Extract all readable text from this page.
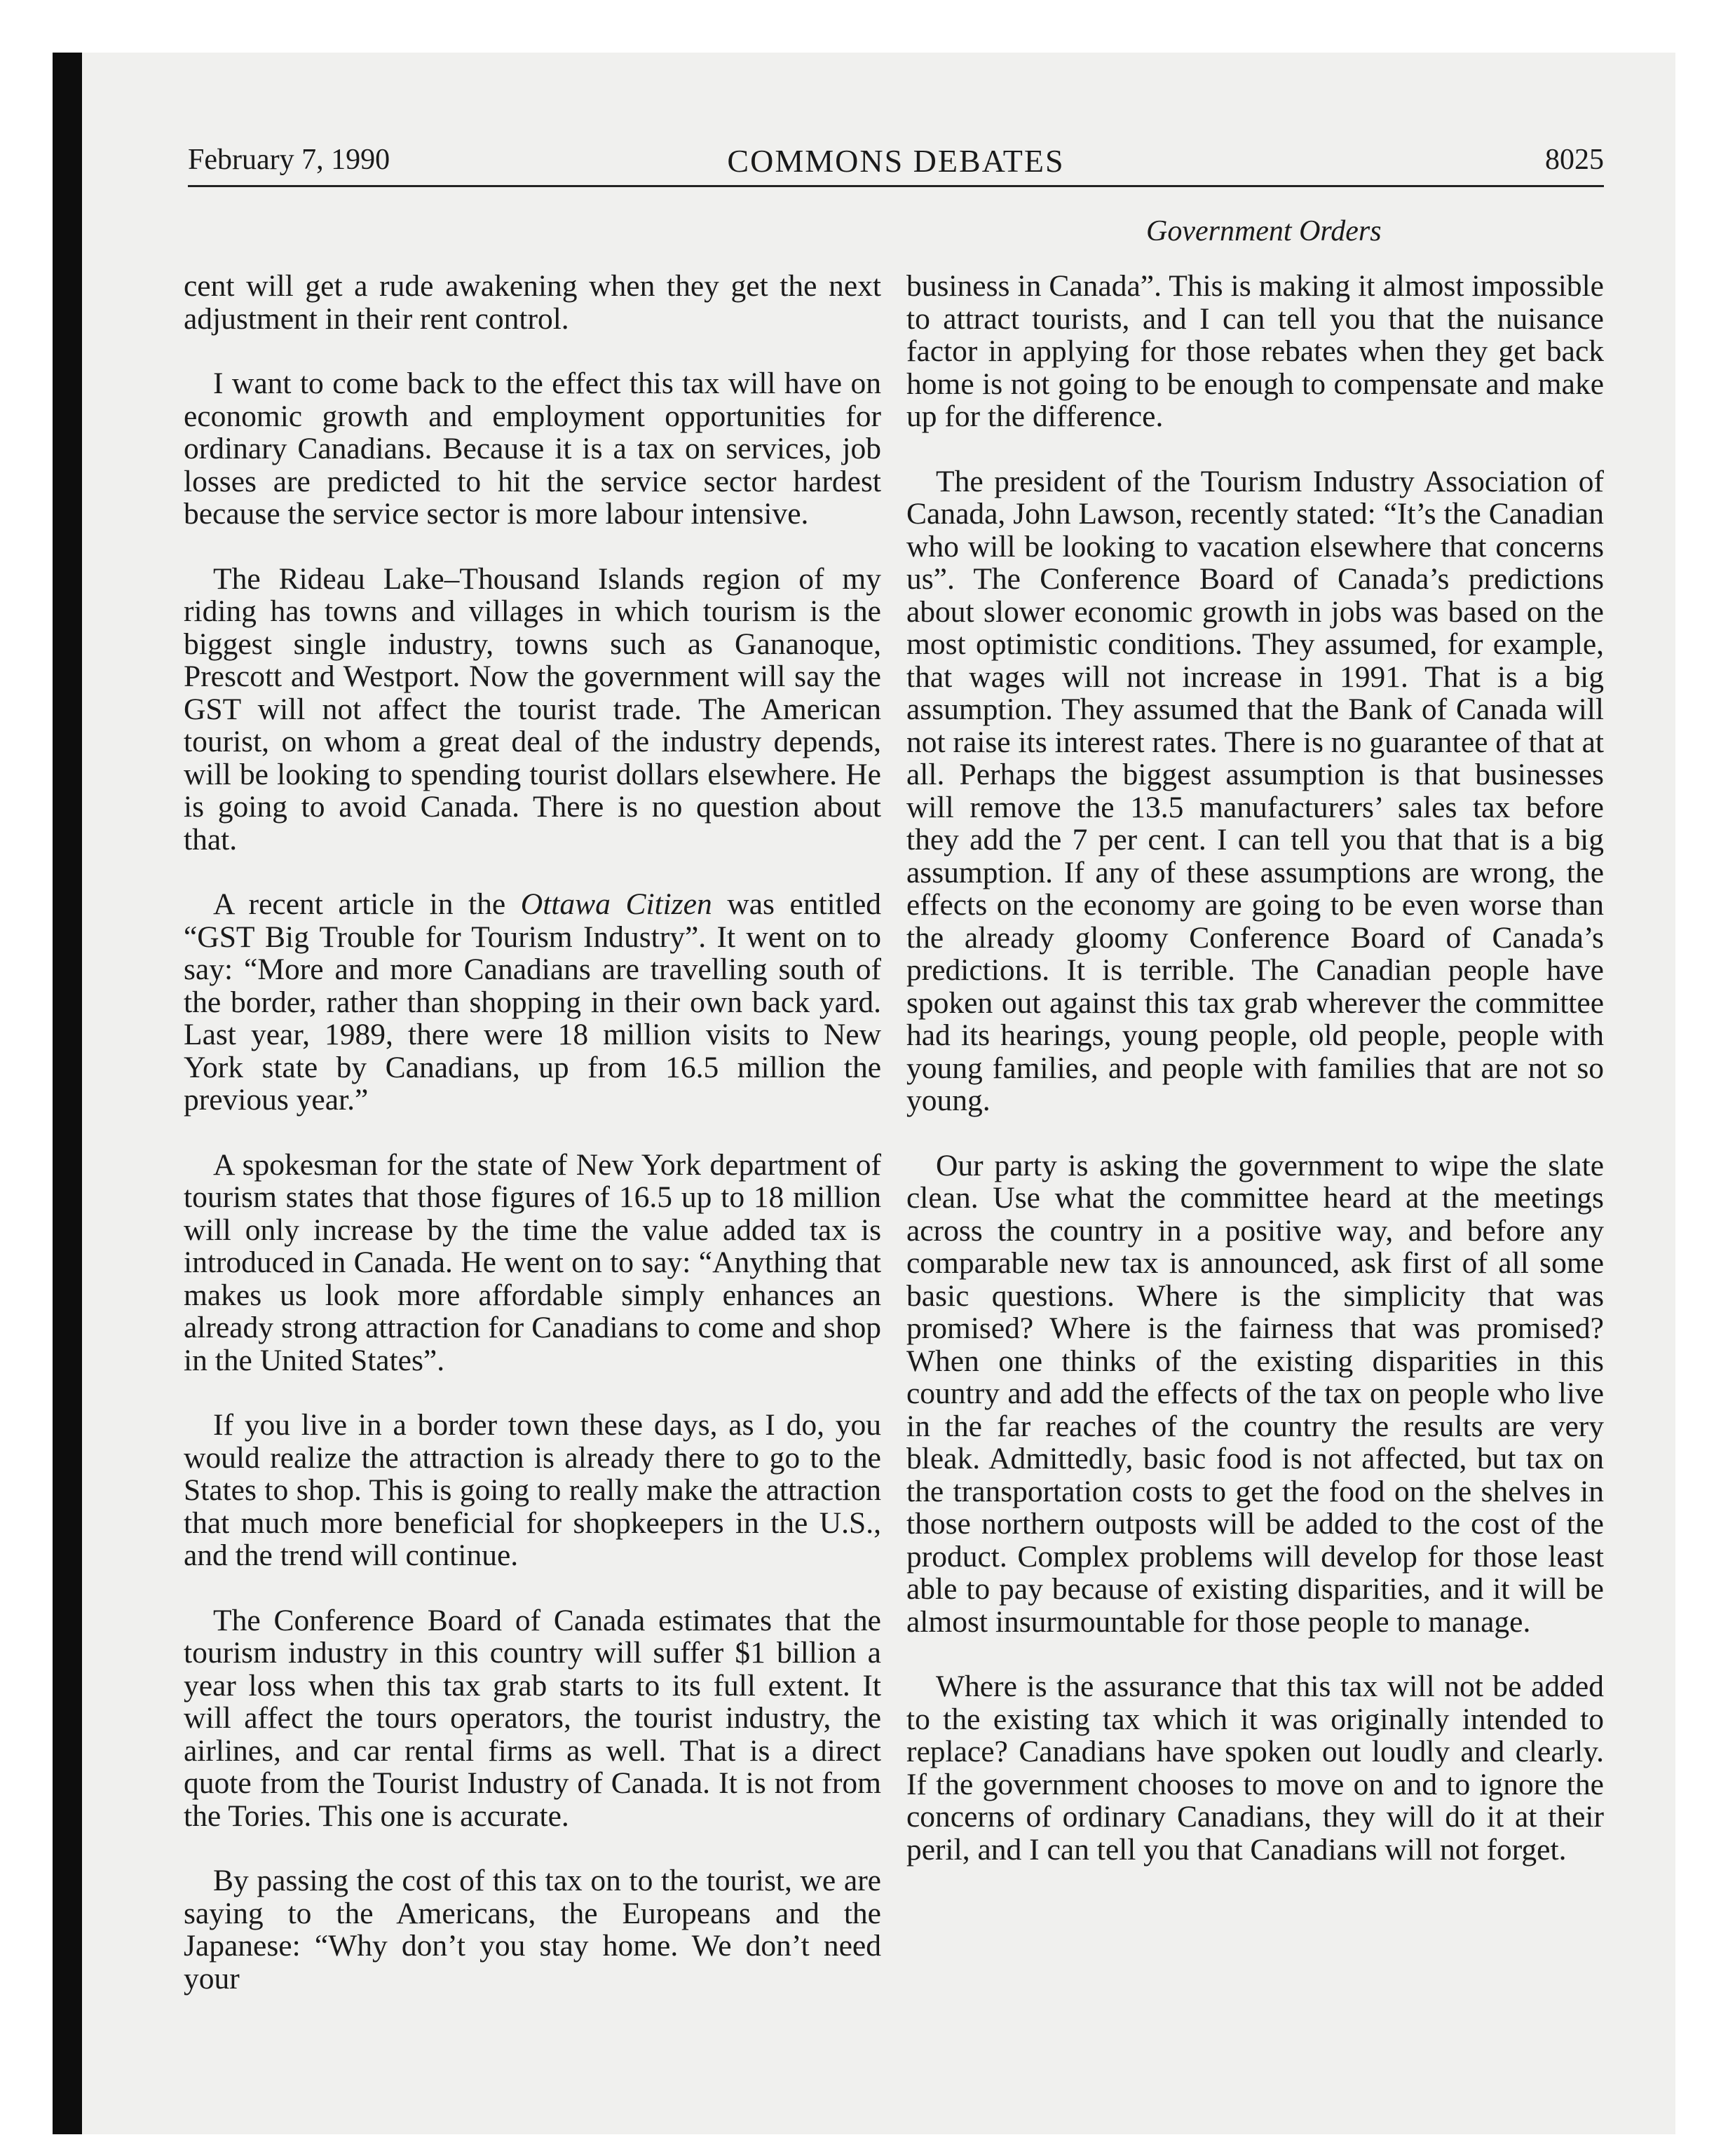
February 7, 1990	COMMONS DEBATES	8025
Government Orders

cent will get a rude awakening when they get the next adjustment in their rent control.

I want to come back to the effect this tax will have on economic growth and employment opportunities for ordinary Canadians. Because it is a tax on services, job losses are predicted to hit the service sector hardest because the service sector is more labour intensive.

The Rideau Lake–Thousand Islands region of my riding has towns and villages in which tourism is the biggest single industry, towns such as Gananoque, Prescott and Westport. Now the government will say the GST will not affect the tourist trade. The American tourist, on whom a great deal of the industry depends, will be looking to spending tourist dollars elsewhere. He is going to avoid Canada. There is no question about that.

A recent article in the Ottawa Citizen was entitled “GST Big Trouble for Tourism Industry”. It went on to say: “More and more Canadians are travelling south of the border, rather than shopping in their own back yard. Last year, 1989, there were 18 million visits to New York state by Canadians, up from 16.5 million the previous year.”

A spokesman for the state of New York department of tourism states that those figures of 16.5 up to 18 million will only increase by the time the value added tax is introduced in Canada. He went on to say: “Anything that makes us look more affordable simply enhances an already strong attraction for Canadians to come and shop in the United States”.

If you live in a border town these days, as I do, you would realize the attraction is already there to go to the States to shop. This is going to really make the attraction that much more beneficial for shopkeepers in the U.S., and the trend will continue.

The Conference Board of Canada estimates that the tourism industry in this country will suffer $1 billion a year loss when this tax grab starts to its full extent. It will affect the tours operators, the tourist industry, the airlines, and car rental firms as well. That is a direct quote from the Tourist Industry of Canada. It is not from the Tories. This one is accurate.

By passing the cost of this tax on to the tourist, we are saying to the Americans, the Europeans and the Japanese: “Why don’t you stay home. We don’t need your

business in Canada”. This is making it almost impossible to attract tourists, and I can tell you that the nuisance factor in applying for those rebates when they get back home is not going to be enough to compensate and make up for the difference.

The president of the Tourism Industry Association of Canada, John Lawson, recently stated: “It’s the Canadian who will be looking to vacation elsewhere that concerns us”. The Conference Board of Canada’s predictions about slower economic growth in jobs was based on the most optimistic conditions. They assumed, for example, that wages will not increase in 1991. That is a big assumption. They assumed that the Bank of Canada will not raise its interest rates. There is no guarantee of that at all. Perhaps the biggest assumption is that businesses will remove the 13.5 manufacturers’ sales tax before they add the 7 per cent. I can tell you that that is a big assumption. If any of these assumptions are wrong, the effects on the economy are going to be even worse than the already gloomy Conference Board of Canada’s predictions. It is terrible. The Canadian people have spoken out against this tax grab wherever the committee had its hearings, young people, old people, people with young families, and people with families that are not so young.

Our party is asking the government to wipe the slate clean. Use what the committee heard at the meetings across the country in a positive way, and before any comparable new tax is announced, ask first of all some basic questions. Where is the simplicity that was promised? Where is the fairness that was promised? When one thinks of the existing disparities in this country and add the effects of the tax on people who live in the far reaches of the country the results are very bleak. Admittedly, basic food is not affected, but tax on the transportation costs to get the food on the shelves in those northern outposts will be added to the cost of the product. Complex problems will develop for those least able to pay because of existing disparities, and it will be almost insurmountable for those people to manage.

Where is the assurance that this tax will not be added to the existing tax which it was originally intended to replace? Canadians have spoken out loudly and clearly. If the government chooses to move on and to ignore the concerns of ordinary Canadians, they will do it at their peril, and I can tell you that Canadians will not forget.
